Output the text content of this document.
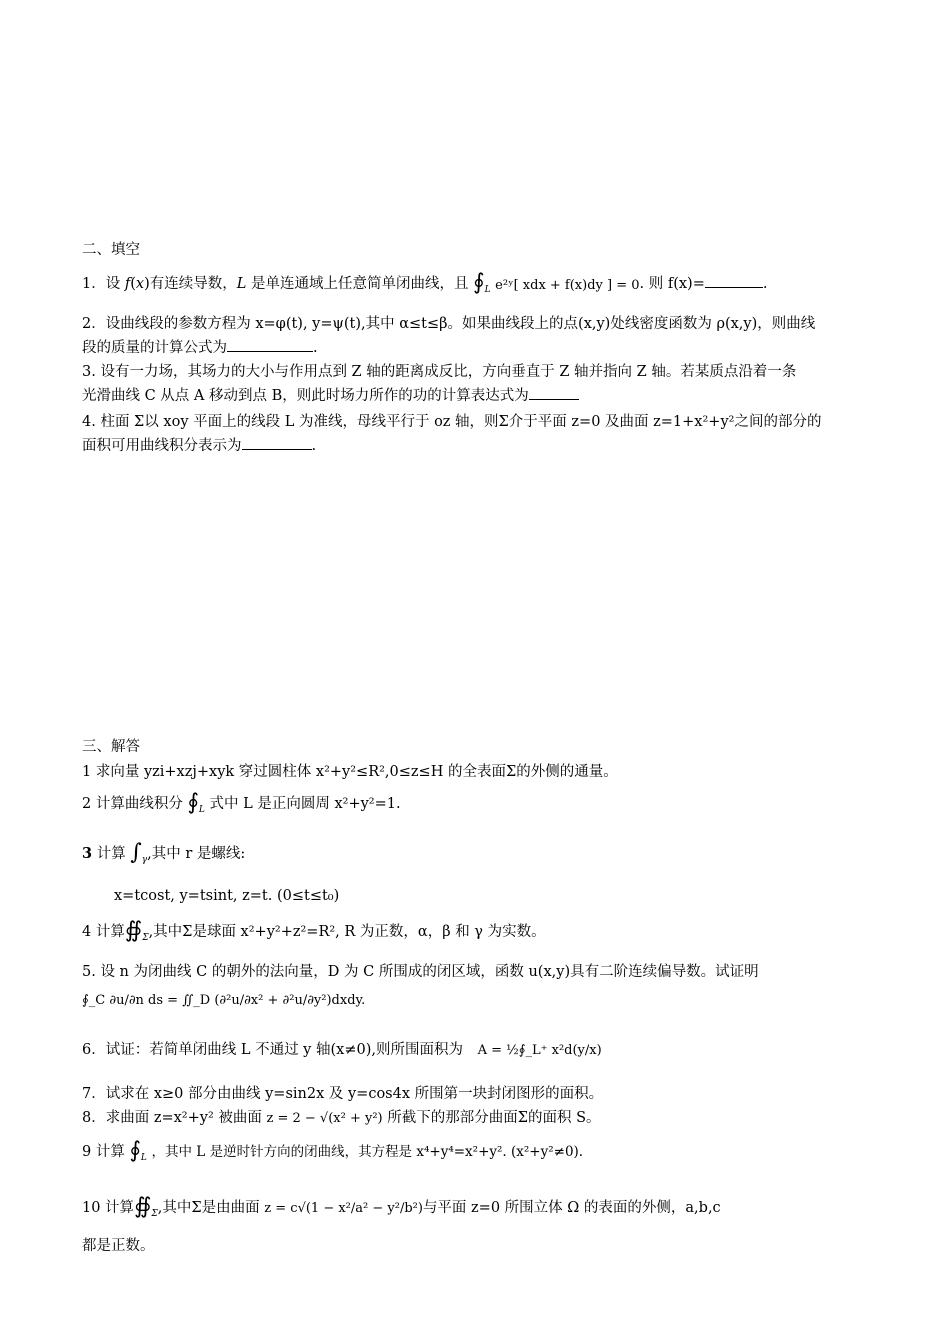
二、填空
1．设 f(x)有连续导数，L 是单连通域上任意简单闭曲线，且 $∮_L$ e²ʸ[ xdx + f(x)dy ] = 0. 则 f(x)=	.
2．设曲线段的参数方程为 x=φ(t), y=ψ(t),其中 α≤t≤β。如果曲线段上的点(x,y)处线密度函数为 ρ(x,y)，则曲线
段的质量的计算公式为	.
3. 设有一力场，其场力的大小与作用点到 Z 轴的距离成反比，方向垂直于 Z 轴并指向 Z 轴。若某质点沿着一条
光滑曲线 C 从点 A 移动到点 B，则此时场力所作的功的计算表达式为
4. 柱面 Σ以 xoy 平面上的线段 L 为准线，母线平行于 oz 轴，则Σ介于平面 z=0 及曲面 z=1+x²+y²之间的部分的
面积可用曲线积分表示为	.
三、解答
1 求向量 yzi+xzj+xyk 穿过圆柱体 x²+y²≤R²,0≤z≤H 的全表面Σ的外侧的通量。
2 计算曲线积分 $∮_L$ 式中 L 是正向圆周 x²+y²=1.
3 计算 $\int_\gamma$,其中 r 是螺线:
x=tcost, y=tsint, z=t. (0≤t≤t₀)
4 计算$∯_\Sigma$,其中Σ是球面 x²+y²+z²=R², R 为正数，α，β 和 γ 为实数。
5. 设 n 为闭曲线 C 的朝外的法向量，D 为 C 所围成的闭区域，函数 u(x,y)具有二阶连续偏导数。试证明
∮_C ∂u/∂n ds = ∬_D (∂²u/∂x² + ∂²u/∂y²)dxdy.
6．试证：若简单闭曲线 L 不通过 y 轴(x≠0),则所围面积为 A = ½∮_L⁺ x²d(y/x)
7．试求在 x≥0 部分由曲线 y=sin2x 及 y=cos4x 所围第一块封闭图形的面积。
8．求曲面 z=x²+y² 被曲面 z = 2 − √(x² + y²) 所截下的那部分曲面Σ的面积 S。
9 计算 $∮_L$ ，其中 L 是逆时针方向的闭曲线，其方程是 x⁴+y⁴=x²+y². (x²+y²≠0).
10 计算$∯_\Sigma$,其中Σ是由曲面 z = c√(1 − x²/a² − y²/b²)与平面 z=0 所围立体 Ω 的表面的外侧，a,b,c
都是正数。
